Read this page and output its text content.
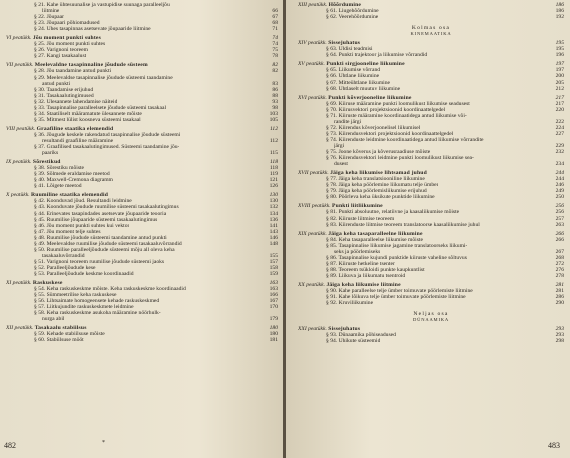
§ 21. Kahe ühtesuunalise ja vastupidise suunaga paralleeljõu
liitmine	66
§ 22. Jõupaar	67
§ 23. Jõupaari põhiomadused	68
§ 24. Ühes tasapinnas asetsevate jõupaaride liitmine	71
VI peatükk. Jõu moment punkti suhtes	74
§ 25. Jõu moment punkti suhtes	74
§ 26. Varignoni teoreem	75
§ 27. Kangi tasakaalust	78
VII peatükk. Meelevaldne tasapinnaline jõudude süsteem	82
§ 28. Jõu taandamine antud punkti	82
§ 29. Meelevaldse tasapinnalise jõudude süsteemi taandamine
antud punkti	83
§ 30. Taandamise erijuhud	86
§ 31. Tasakaalutingimused	88
§ 32. Ülesannete lahendamise näiteid	93
§ 33. Tasapinnalise paralleelsete jõudude süsteemi tasakaal	98
§ 34. Staatiliselt määramatute ülesannete mõiste	103
§ 35. Mitmest lülist koosneva süsteemi tasakaal	105
VIII peatükk. Graafiline staatika elemendid	112
§ 36. Jõugude keskele rakendatud tasapinnalise jõudude süsteemi
resultandi graafiline määramine	112
§ 37. Graafilised tasakaalutingimused. Süsteemi taandamine jõu-
paariks	115
IX peatükk. Sõrestikud	118
§ 38. Sõrestiku mõiste	118
§ 39. Sõlmede eraldamise meetod	119
§ 40. Maxwell-Cremona diagramm	121
§ 41. Lõigete meetod	126
X peatükk. Ruumiline staatika elemendid	130
§ 42. Koonduvad jõud. Resultandi leidmine	130
§ 43. Koonduvate jõudude ruumilise süsteemi tasakaalutingimus	132
§ 44. Erinevates tasapindades asetsevate jõupaaride teooria	134
§ 45. Ruumilise jõupaaride süsteemi tasakaalutingimus	136
§ 46. Jõu moment punkti suhtes kui vektor	141
§ 47. Jõu moment telje suhtes	143
§ 48. Ruumilise jõudude süsteemi taandamine antud punkti	146
§ 49. Meelevaldse ruumilise jõudude süsteemi tasakaaluvõrrandid	148
§ 50. Ruumilise paralleeljõudude süsteemi mõju all oleva keha
tasakaaluvõrrandid	155
§ 51. Varignoni teoreem ruumilise jõudude süsteemi jaoks	157
§ 52. Paralleeljõudude kese	158
§ 53. Paralleeljõudude keskme koordinaadid	159
XI peatükk. Raskuskese	163
§ 54. Keha raskuskeskme mõiste. Keha raskuskeskme koordinaadid	163
§ 55. Sümmeetrilise keha raskuskese	166
§ 56. Lihtsaimate homogeensete kehade raskuskeskmed	167
§ 57. Liitkujundite raskuskeskmete leidmine	170
§ 58. Keha raskuskeskme asukoha määramine nöörhulk-
nurga abil	179
XII peatükk. Tasakaalu stabiilsus	180
§ 59. Kehade stabiilsuse mõiste	180
§ 60. Stabiilsuse mööt	181
*
482
XIII peatükk. Hõõrdumine	186
§ 61. Liugehõõrdumine	186
§ 62. Veerehõõrdumine	192
Kolmas osa
KINEMAATIKA
XIV peatükk. Sissejuhatus	195
§ 63. Üldisi teadmisi	195
§ 64. Punkti trajektoor ja liikumise võrrandid	196
XV peatükk. Punkti sirgjooneline liikumine	197
§ 65. Liikumise võrrand	197
§ 66. Ühtlane liikumine	200
§ 67. Mitteühtlane liikumine	205
§ 68. Ühtlaselt muutuv liikumine	212
XVI peatükk. Punkti kõverjooneline liikumine	217
§ 69. Kiiruse määramine punkti loomulikust liikumise seadusest	217
§ 70. Kiirusvektori projektsioonid koordinaattelgedel	220
§ 71. Kiiruste määramine koordinaatidega antud liikumise või-
randite järgi	222
§ 72. Kiirendus kõverjoonelisel liikumisel	224
§ 73. Kiirendusvektori projektsioonid koordinaattelgedel	227
§ 74. Kiirenduste leidmine koordinaatidega antud liikumise võrrandite
järgi	229
§ 75. Joone kõverus ja kõverusraadiuse mõiste	232
§ 76. Kiirendusvektori leidmine punkti loomulikust liikumise sea-
dusest	234
XVII peatükk. Jäiga keha liikumise lihtsamad juhud	244
§ 77. Jäiga keha translatsiooniline liikumine	244
§ 78. Jäiga keha pöörlemine liikumatu telje ümber	246
§ 79. Jäiga keha pöörlemisliikumise erijuhud	249
§ 80. Pöörleva keha üksikute punktide liikumine	250
XVIII peatükk. Punkti liitliikumine	256
§ 81. Punkti absoluutne, relatiivne ja kaasaliikumise mõiste	256
§ 82. Kiiruste liitmise teoreem	257
§ 83. Kiirenduste liitmise teoreem translatoorse kaasaliikumise juhul	263
XIX peatükk. Jäiga keha tasaparalleelne liikumine	266
§ 84. Keha tasaparalleelse liikumise mõiste	266
§ 85. Tasapinnalise liikumise jagamine translatoorseks liikumi-
seks ja pöörlemiseks	267
§ 86. Tasapinnalise kujundi punktide kiiruste vaheline sõltuvus	268
§ 87. Kiiruste hetkeline tsenter	272
§ 88. Teoreem tsükloidi punkte kaupkuntlist	276
§ 89. Liikuva ja liikumatu tsentroid	278
XX peatükk. Jäiga keha liikumise liitmine	281
§ 90. Kahe paralleelse telje ümber toimuvate pöörlemiste liitmine	281
§ 91. Kahe lõikuva telje ümber toimuvate pöörlemiste liitmine	286
§ 92. Kruviliikumine	290
Neljas osa
DÜNAAMIKA
XXI peatükk. Sissejuhatus	293
§ 93. Dünaamika põhiseadused	293
§ 94. Ühikute süsteemid	298
483
